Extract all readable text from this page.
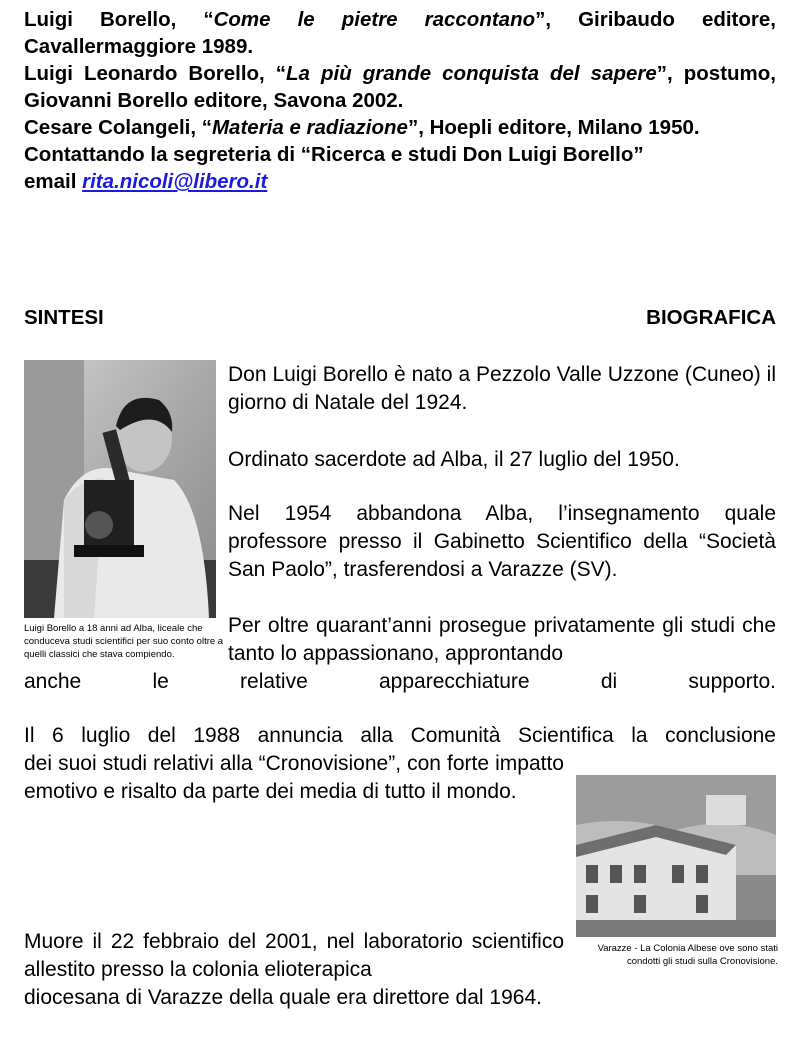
Luigi Borello, “Come le pietre raccontano”, Giribaudo editore, Cavallermaggiore 1989.

Luigi Leonardo Borello, “La più grande conquista del sapere”, postumo, Giovanni Borello editore, Savona 2002.

Cesare Colangeli, “Materia e radiazione”, Hoepli editore, Milano 1950.

Contattando la segreteria di “Ricerca e studi Don Luigi Borello”

email rita.nicoli@libero.it

SINTESI	BIOGRAFICA
Luigi Borello a 18 anni ad Alba, liceale che conduceva studi scientifici per suo conto oltre a quelli classici che stava compiendo.
Don Luigi Borello è nato a Pezzolo Valle Uzzone (Cuneo) il giorno di Natale del 1924.
Ordinato sacerdote ad Alba, il 27 luglio del 1950.
Nel 1954 abbandona Alba, l’insegnamento quale professore presso il Gabinetto Scientifico della “Società San Paolo”, trasferendosi a Varazze (SV).
Per oltre quarant’anni prosegue privatamente gli studi che tanto lo appassionano, approntando
anche le relative apparecchiature di supporto.
Il 6 luglio del 1988 annuncia alla Comunità Scientifica la conclusione
dei suoi studi relativi alla “Cronovisione”, con forte impatto emotivo e risalto da parte dei media di tutto il mondo.
Varazze - La Colonia Albese ove sono stati condotti gli studi sulla Cronovisione.
Muore il 22 febbraio del 2001, nel laboratorio scientifico allestito presso la colonia elioterapica
diocesana di Varazze della quale era direttore dal 1964.
